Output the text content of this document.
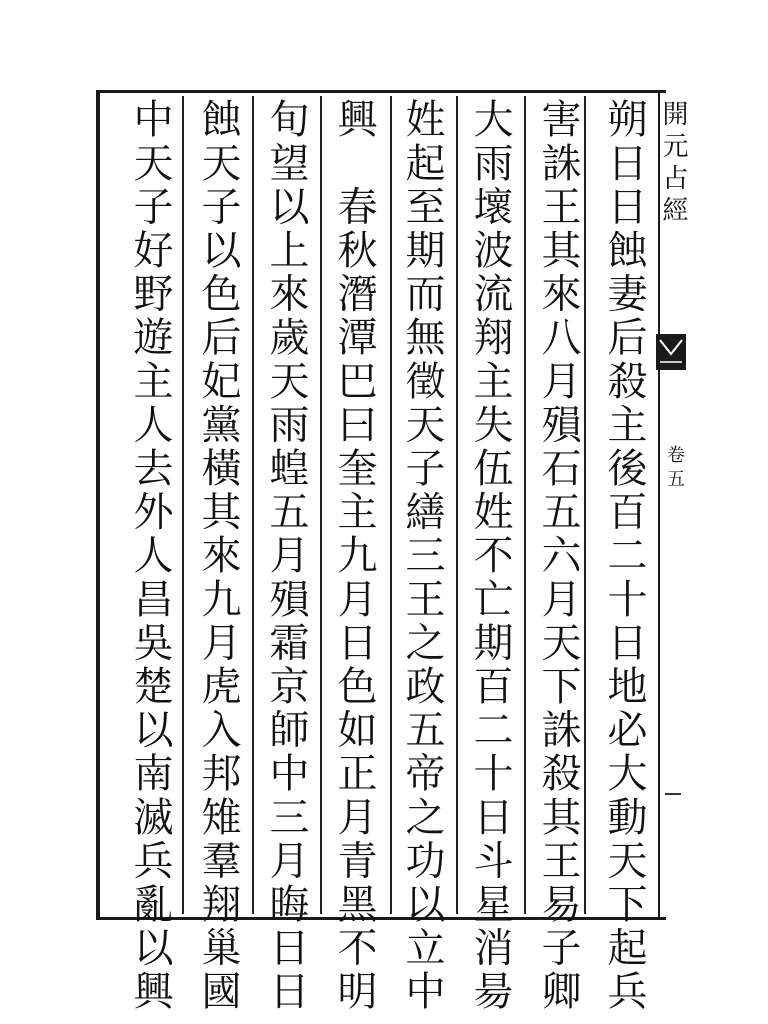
開元占經
卷五
朔日日蝕妻后殺主後百二十日地必大動天下起兵
害誅王其來八月殞石五六月天下誅殺其王易子卿
大雨壞波流翔主失伍姓不亡期百二十日斗星消昜
姓起至期而無徵天子繕三王之政五帝之功以立中
興　春秋潛潭巴曰奎主九月日色如正月青黑不明
旬望以上來歲天雨蝗五月殞霜京師中三月晦日日
蝕天子以色后妃黨橫其來九月虎入邦雉羣翔巢國
中天子好野遊主人去外人昌吳楚以南滅兵亂以興
